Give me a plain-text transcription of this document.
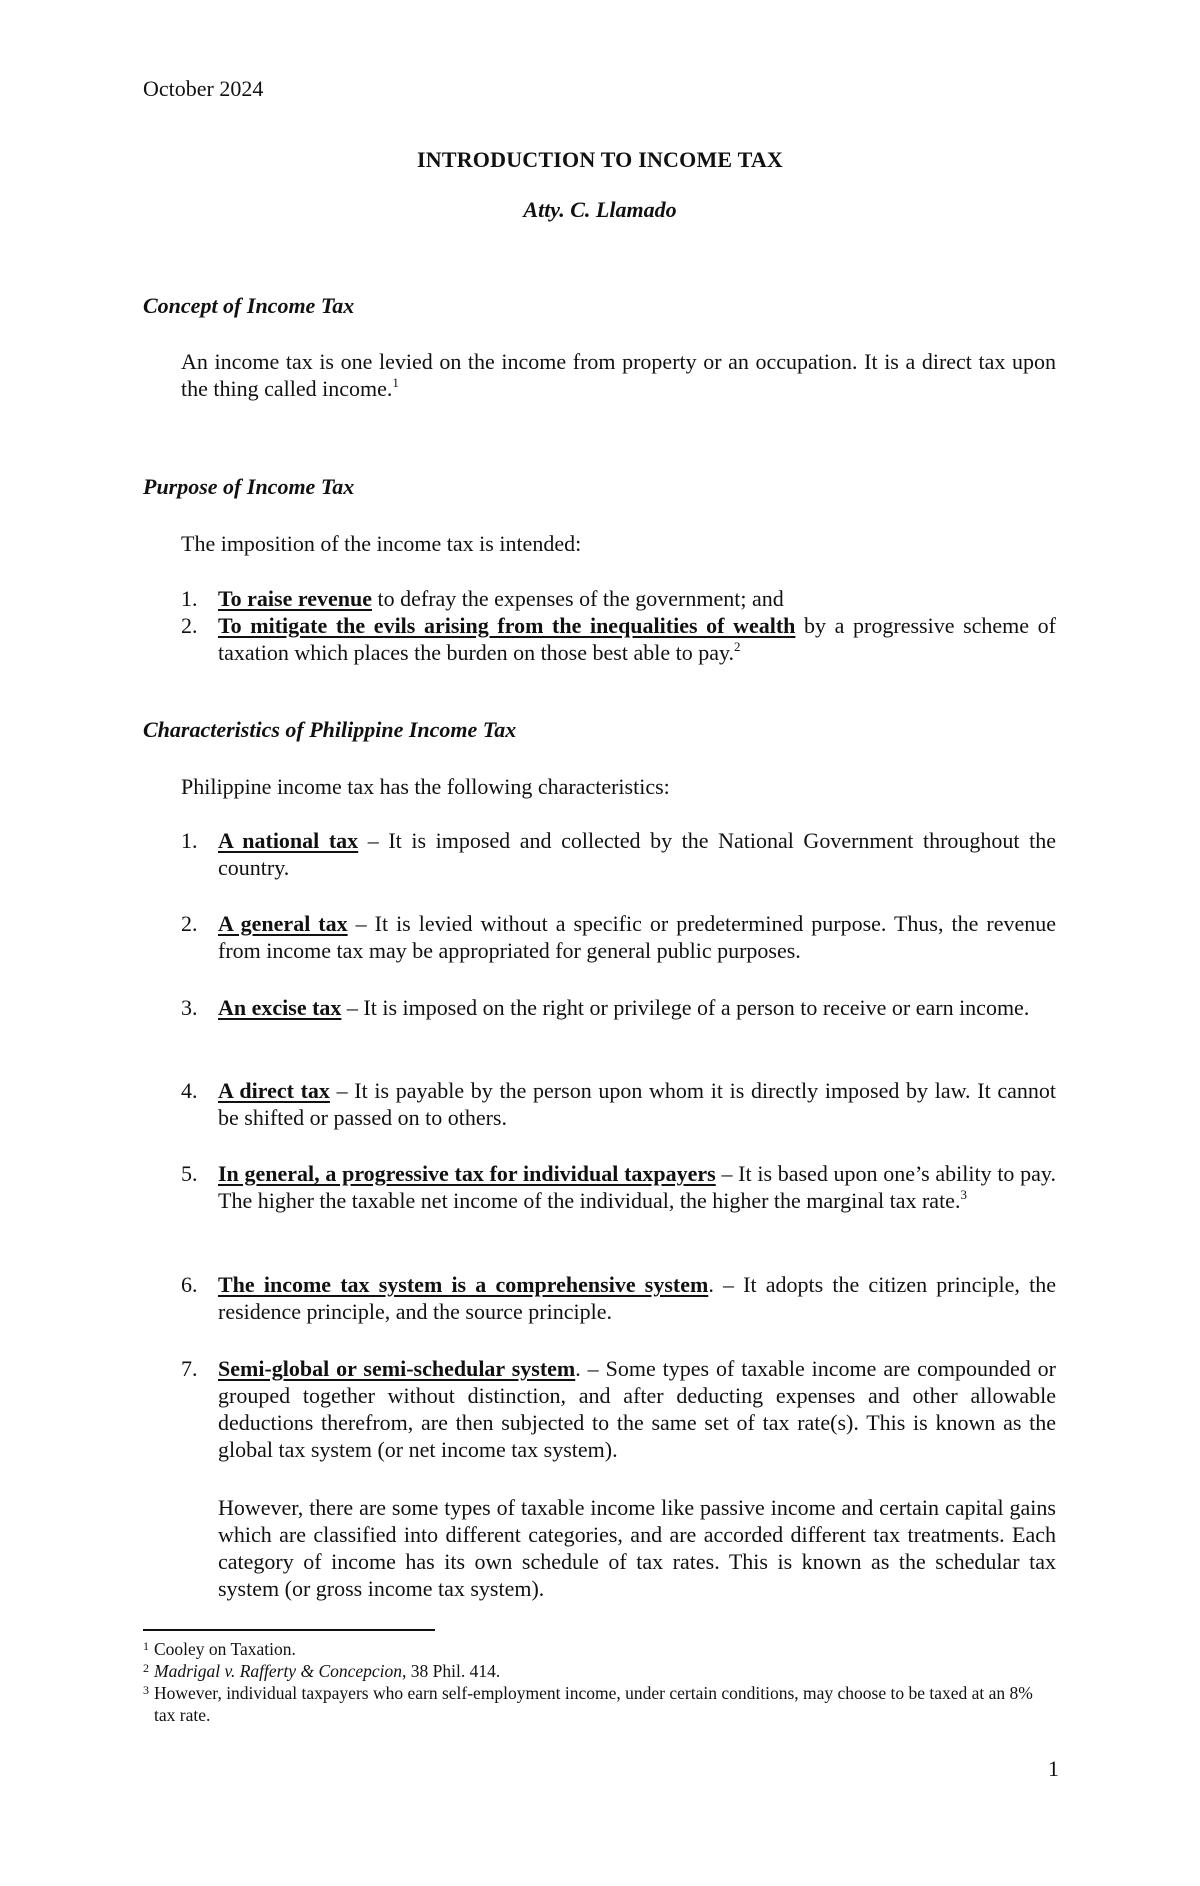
October 2024
INTRODUCTION TO INCOME TAX
Atty. C. Llamado
Concept of Income Tax
An income tax is one levied on the income from property or an occupation. It is a direct tax upon the thing called income.$^1$
Purpose of Income Tax
The imposition of the income tax is intended:
1. To raise revenue to defray the expenses of the government; and
2. To mitigate the evils arising from the inequalities of wealth by a progressive scheme of taxation which places the burden on those best able to pay.$^2$
Characteristics of Philippine Income Tax
Philippine income tax has the following characteristics:
1. A national tax – It is imposed and collected by the National Government throughout the country.
2. A general tax – It is levied without a specific or predetermined purpose. Thus, the revenue from income tax may be appropriated for general public purposes.
3. An excise tax – It is imposed on the right or privilege of a person to receive or earn income.
4. A direct tax – It is payable by the person upon whom it is directly imposed by law. It cannot be shifted or passed on to others.
5. In general, a progressive tax for individual taxpayers – It is based upon one’s ability to pay. The higher the taxable net income of the individual, the higher the marginal tax rate.$^3$
6. The income tax system is a comprehensive system. – It adopts the citizen principle, the residence principle, and the source principle.
7. Semi-global or semi-schedular system. – Some types of taxable income are compounded or grouped together without distinction, and after deducting expenses and other allowable deductions therefrom, are then subjected to the same set of tax rate(s). This is known as the global tax system (or net income tax system).
However, there are some types of taxable income like passive income and certain capital gains which are classified into different categories, and are accorded different tax treatments. Each category of income has its own schedule of tax rates. This is known as the schedular tax system (or gross income tax system).
1 Cooley on Taxation.
2 Madrigal v. Rafferty & Concepcion, 38 Phil. 414.
3 However, individual taxpayers who earn self-employment income, under certain conditions, may choose to be taxed at an 8% tax rate.
1
